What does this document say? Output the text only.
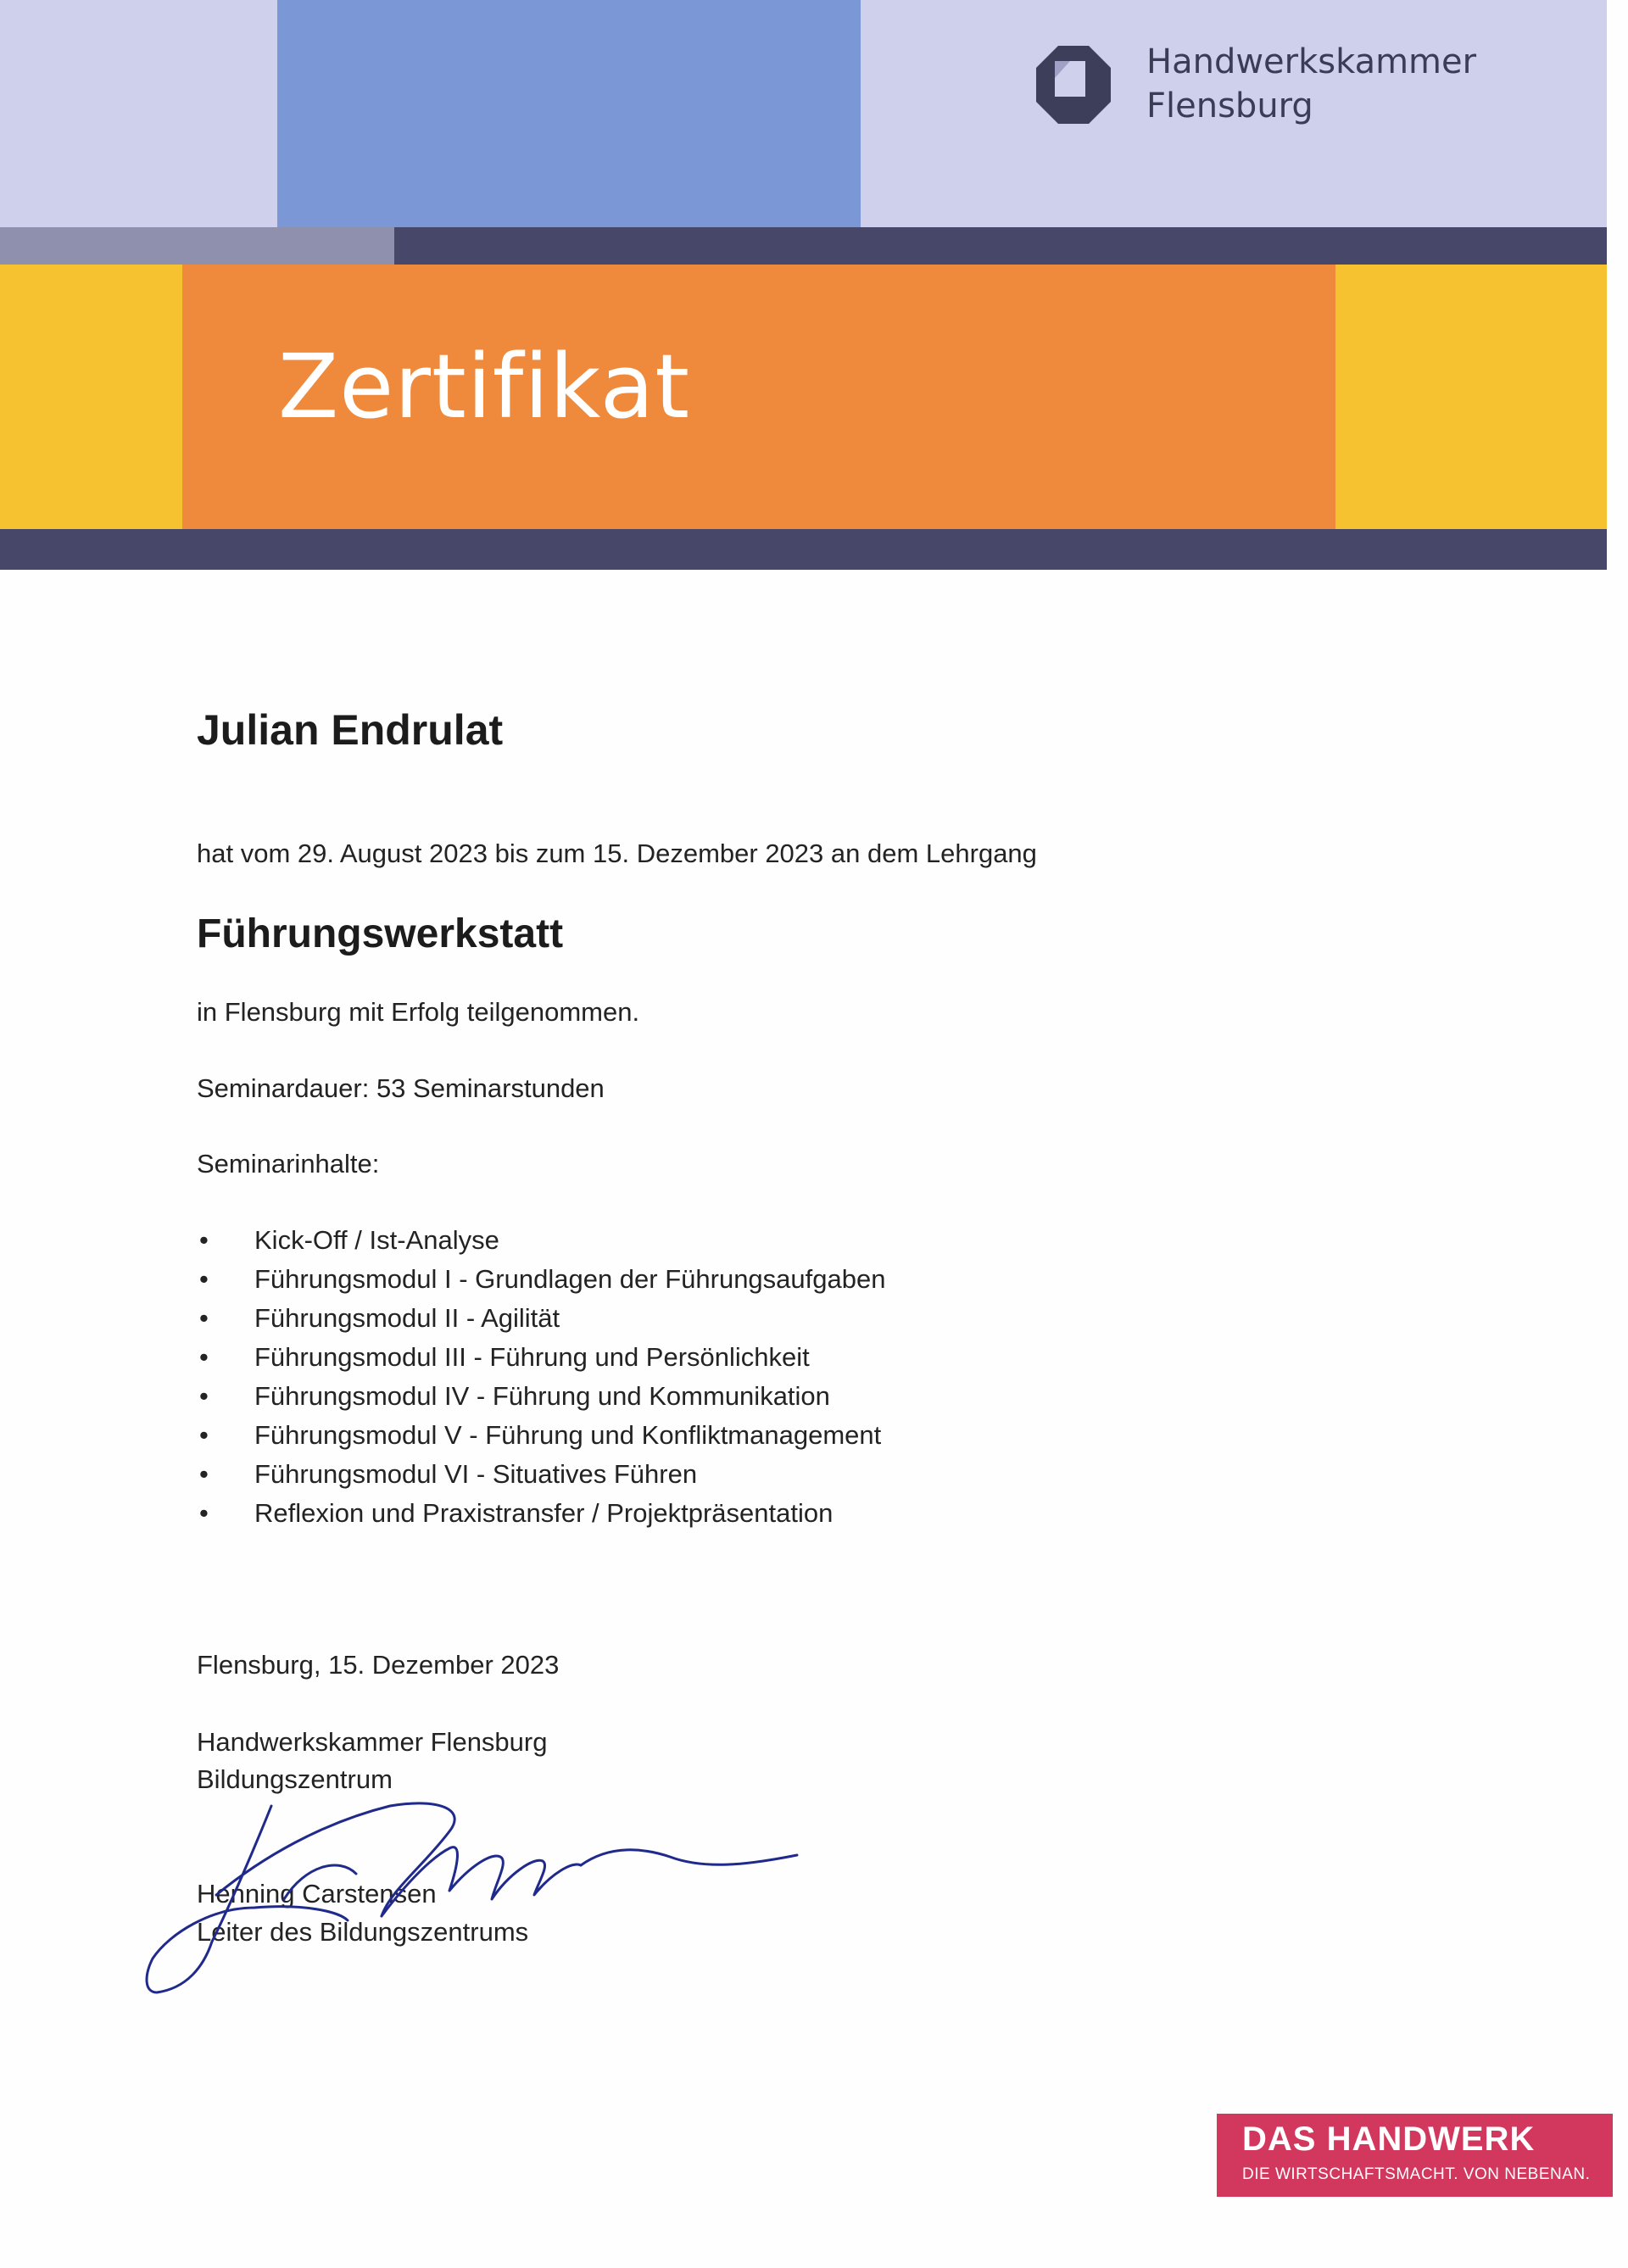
Handwerkskammer
Flensburg
Zertifikat
Julian Endrulat
hat vom 29. August 2023 bis zum 15. Dezember 2023 an dem Lehrgang
Führungswerkstatt
in Flensburg mit Erfolg teilgenommen.
Seminardauer: 53 Seminarstunden
Seminarinhalte:
• Kick-Off / Ist-Analyse
• Führungsmodul I - Grundlagen der Führungsaufgaben
• Führungsmodul II - Agilität
• Führungsmodul III - Führung und Persönlichkeit
• Führungsmodul IV - Führung und Kommunikation
• Führungsmodul V - Führung und Konfliktmanagement
• Führungsmodul VI - Situatives Führen
• Reflexion und Praxistransfer / Projektpräsentation
Flensburg, 15. Dezember 2023
Handwerkskammer Flensburg
Bildungszentrum
Henning Carstensen
Leiter des Bildungszentrums
DAS HANDWERK
DIE WIRTSCHAFTSMACHT. VON NEBENAN.
